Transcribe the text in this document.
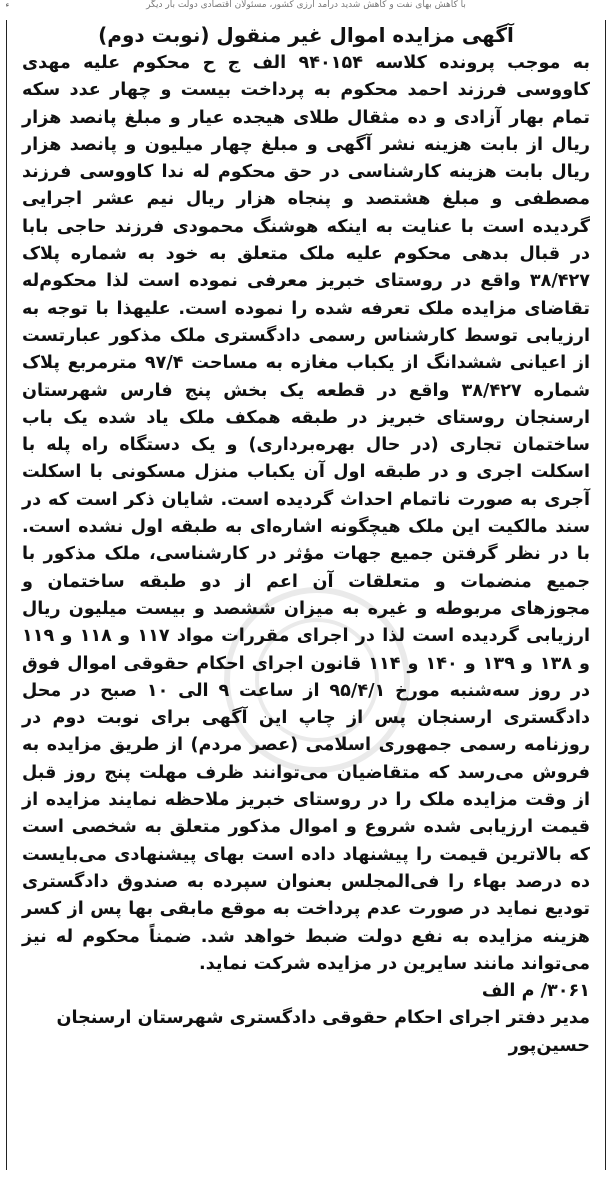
با کاهش بهای نفت و کاهش شدید درآمد ارزی کشور، مسئولان اقتصادی دولت بار دیگر
آگهی مزایده اموال غیر منقول (نوبت دوم)

به موجب پرونده کلاسه ۹۴۰۱۵۴ الف ج ح محکوم علیه مهدی کاووسی فرزند احمد محکوم به پرداخت بیست و چهار عدد سکه تمام بهار آزادی و ده مثقال طلای هیجده عیار و مبلغ پانصد هزار ریال از بابت هزینه نشر آگهی و مبلغ چهار میلیون و پانصد هزار ریال بابت هزینه کارشناسی در حق محکوم له ندا کاووسی فرزند مصطفی و مبلغ هشتصد و پنجاه هزار ریال نیم عشر اجرایی گردیده است با عنایت به اینکه هوشنگ محمودی فرزند حاجی بابا در قبال بدهی محکوم علیه ملک متعلق به خود به شماره پلاک ۳۸/۴۲۷ واقع در روستای خبریز معرفی نموده است لذا محکوم‌له تقاضای مزایده ملک تعرفه شده را نموده است. علیهذا با توجه به ارزیابی توسط کارشناس رسمی دادگستری ملک مذکور عبارتست از اعیانی ششدانگ از یکباب مغازه به مساحت ۹۷/۴ مترمربع پلاک شماره ۳۸/۴۲۷ واقع در قطعه یک بخش پنج فارس شهرستان ارسنجان روستای خبریز در طبقه همکف ملک یاد شده یک باب ساختمان تجاری (در حال بهره‌برداری) و یک دستگاه راه پله با اسکلت اجری و در طبقه اول آن یکباب منزل مسکونی با اسکلت آجری به صورت ناتمام احداث گردیده است. شایان ذکر است که در سند مالکیت این ملک هیچگونه اشاره‌ای به طبقه اول نشده است. با در نظر گرفتن جمیع جهات مؤثر در کارشناسی، ملک مذکور با جمیع منضمات و متعلقات آن اعم از دو طبقه ساختمان و مجوزهای مربوطه و غیره به میزان ششصد و بیست میلیون ریال ارزیابی گردیده است لذا در اجرای مقررات مواد ۱۱۷ و ۱۱۸ و ۱۱۹ و ۱۳۸ و ۱۳۹ و ۱۴۰ و ۱۱۴ قانون اجرای احکام حقوقی اموال فوق در روز سه‌شنبه مورخ ۹۵/۴/۱ از ساعت ۹ الی ۱۰ صبح در محل دادگستری ارسنجان پس از چاپ این آگهی برای نوبت دوم در روزنامه رسمی جمهوری اسلامی (عصر مردم) از طریق مزایده به فروش می‌رسد که متقاضیان می‌توانند ظرف مهلت پنج روز قبل از وقت مزایده ملک را در روستای خبریز ملاحظه نمایند مزایده از قیمت ارزیابی شده شروع و اموال مذکور متعلق به شخصی است که بالاترین قیمت را پیشنهاد داده است بهای پیشنهادی می‌بایست ده درصد بهاء را فی‌المجلس بعنوان سپرده به صندوق دادگستری تودیع نماید در صورت عدم پرداخت به موقع مابقی بها پس از کسر هزینه مزایده به نفع دولت ضبط خواهد شد. ضمناً محکوم له نیز می‌تواند مانند سایرین در مزایده شرکت نماید.

۳۰۶۱/ م الف

مدیر دفتر اجرای احکام حقوقی دادگستری شهرستان ارسنجان

حسین‌پور
